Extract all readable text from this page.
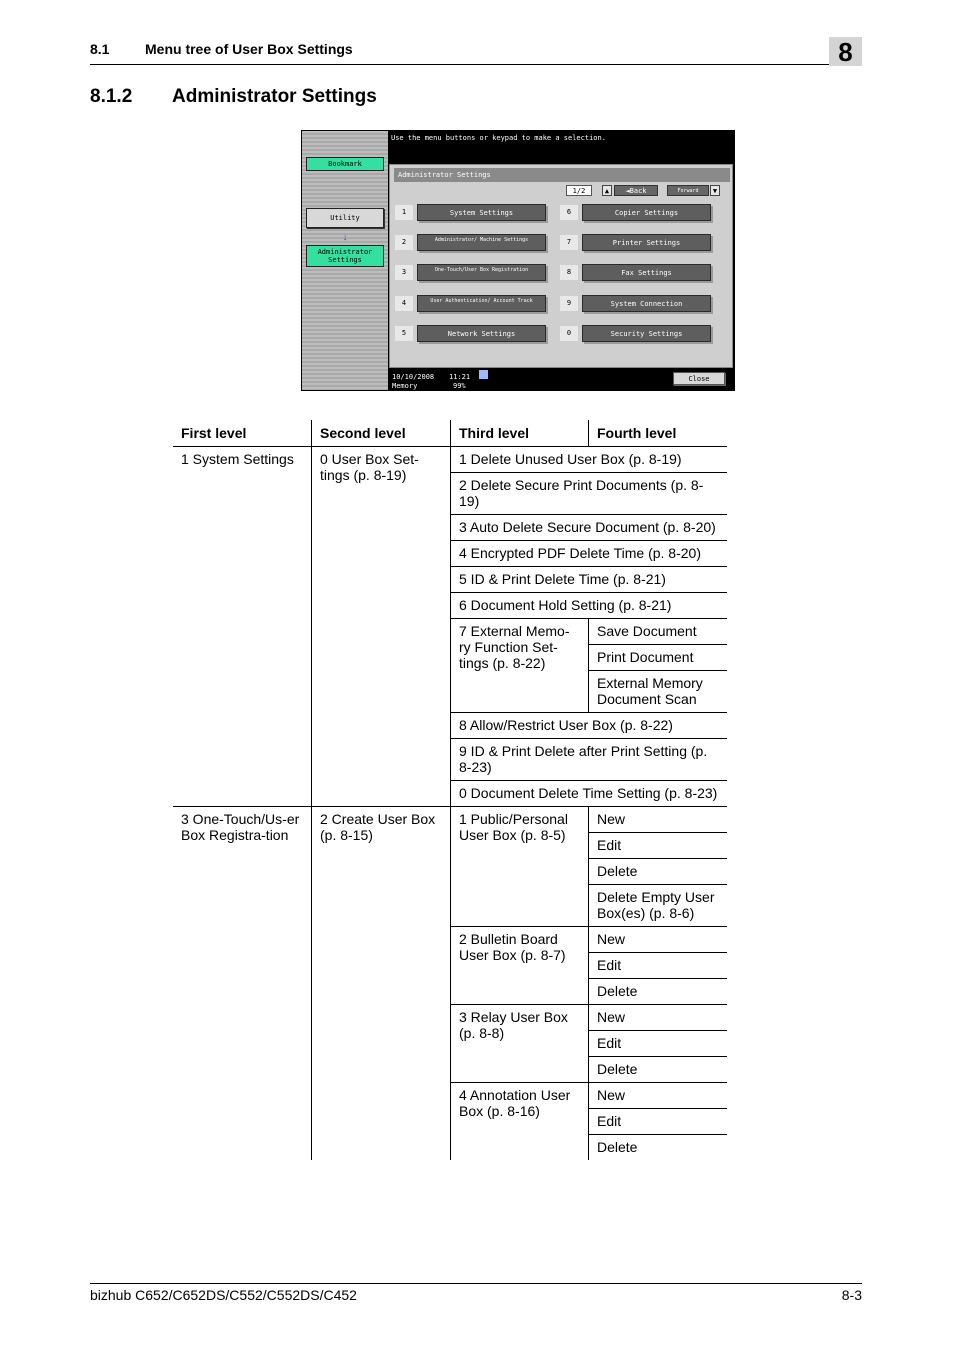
8.1	Menu tree of User Box Settings	8
8.1.2 Administrator Settings
Bookmark
Utility
↓
Administrator Settings
Use the menu buttons or keypad to make a selection.
Administrator Settings
1/2	▲	◄Back	Forward	▼
1	System Settings
2	Administrator/ Machine Settings
3	One-Touch/User Box Registration
4	User Authentication/ Account Track
5	Network Settings
6	Copier Settings
7	Printer Settings
8	Fax Settings
9	System Connection
0	Security Settings
10/10/2008 11:21
Memory	99%
Close
First level	Second level	Third level	Fourth level
1 System Settings	0 User Box Set-tings (p. 8-19)	1 Delete Unused User Box (p. 8-19)	
		2 Delete Secure Print Documents (p. 8-19)	
		3 Auto Delete Secure Document (p. 8-20)	
		4 Encrypted PDF Delete Time (p. 8-20)	
		5 ID & Print Delete Time (p. 8-21)	
		6 Document Hold Setting (p. 8-21)	
		7 External Memo-ry Function Set-tings (p. 8-22)	Save Document
			Print Document
			External Memory Document Scan
		8 Allow/Restrict User Box (p. 8-22)	
		9 ID & Print Delete after Print Setting (p. 8-23)	
		0 Document Delete Time Setting (p. 8-23)	
3 One-Touch/Us-er Box Registra-tion	2 Create User Box (p. 8-15)	1 Public/Personal User Box (p. 8-5)	New
			Edit
			Delete
			Delete Empty User Box(es) (p. 8-6)
		2 Bulletin Board User Box (p. 8-7)	New
			Edit
			Delete
		3 Relay User Box (p. 8-8)	New
			Edit
			Delete
		4 Annotation User Box (p. 8-16)	New
			Edit
			Delete
bizhub C652/C652DS/C552/C552DS/C452	8-3
